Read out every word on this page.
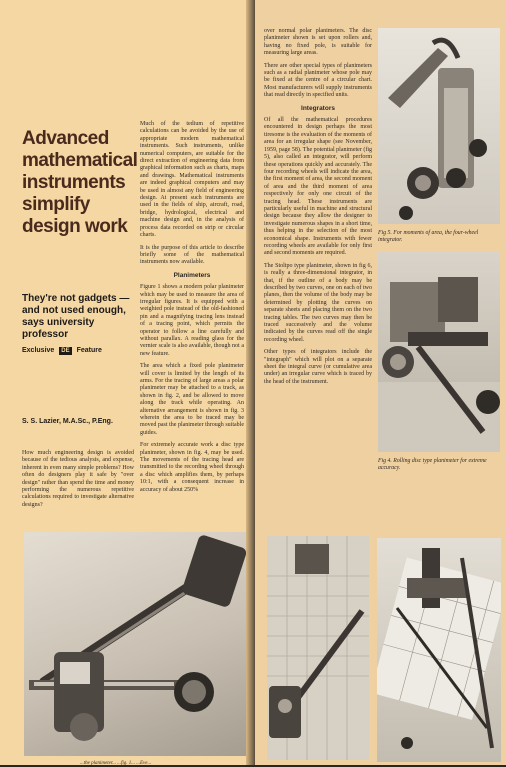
Advanced mathematical instruments simplify design work
They're not gadgets — and not used enough, says university professor
Exclusive DE Feature
S. S. Lazier, M.A.Sc., P.Eng.

How much engineering design is avoided because of the tedious analysis, and expense, inherent in even many simple problems? How often do designers play it safe by "over design" rather than spend the time and money performing the numerous repetitive calculations required to investigate alternative designs?

Much of the tedium of repetitive calculations can be avoided by the use of appropriate modern mathematical instruments. Such instruments, unlike numerical computers, are suitable for the direct extraction of engineering data from graphical information such as charts, maps and drawings. Mathematical instruments are indeed graphical computers and may be used in almost any field of engineering design. At present such instruments are used in the fields of ship, aircraft, road, bridge, hydrological, electrical and machine design and, in the analysis of process data recorded on strip or circular charts.

It is the purpose of this article to describe briefly some of the mathematical instruments now available.

Planimeters

Figure 1 shows a modern polar planimeter which may be used to measure the area of irregular figures. It is equipped with a weighted pole instead of the old-fashioned pin and a magnifying tracing lens instead of a tracing point, which permits the operator to follow a line carefully and without parallax. A reading glass for the vernier scale is also available, though not a new feature.

The area which a fixed pole planimeter will cover is limited by the length of its arms. For the tracing of large areas a polar planimeter may be attached to a track, as shown in fig. 2, and be allowed to move along the track while operating. An alternative arrangement is shown in fig. 3 wherein the area to be traced may be moved past the planimeter through suitable guides.

For extremely accurate work a disc type planimeter, shown in fig. 4, may be used. The movements of the tracing head are transmitted to the recording wheel through a disc which amplifies them, by perhaps 10:1, with a consequent increase in accuracy of about 250%

over normal polar planimeters. The disc planimeter shown is set upon rollers and, having no fixed pole, is suitable for measuring large areas.

There are other special types of planimeters such as a radial planimeter whose pole may be fixed at the centre of a circular chart. Most manufacturers will supply instruments that read directly in specified units.

Integrators

Of all the mathematical procedures encountered in design perhaps the most tiresome is the evaluation of the moments of area for an irregular shape (see November, 1959, page 58). The potential planimeter (fig 5), also called an integrator, will perform these operations quickly and accurately. The four recording wheels will indicate the area, the first moment of area, the second moment of area and the third moment of area respectively for only one circuit of the tracing head. These instruments are particularly useful in machine and structural design because they allow the designer to investigate numerous shapes in a short time, thus helping in the selection of the most economical shape. Instruments with fewer recording wheels are available for only first and second moments are required.

The Stoltpo type planimeter, shown in fig 6, is really a three-dimensional integrator, in that, if the outline of a body may be described by two curves, one on each of two planes, then the volume of the body may be determined by plotting the curves on separate sheets and placing them on the two tracing tables. The two curves may then be traced successively and the volume indicated by the curves read off the single recording wheel.

Other types of integrators include the "integraph" which will plot on a separate sheet the integral curve (or cumulative area under) an irregular curve which is traced by the head of the instrument.

Fig 5. For moments of area, the four-wheel integrator.
Fig 4. Rolling disc type planimeter for extreme accuracy.
...the planimeter... ...fig. 1... ...Eve...
